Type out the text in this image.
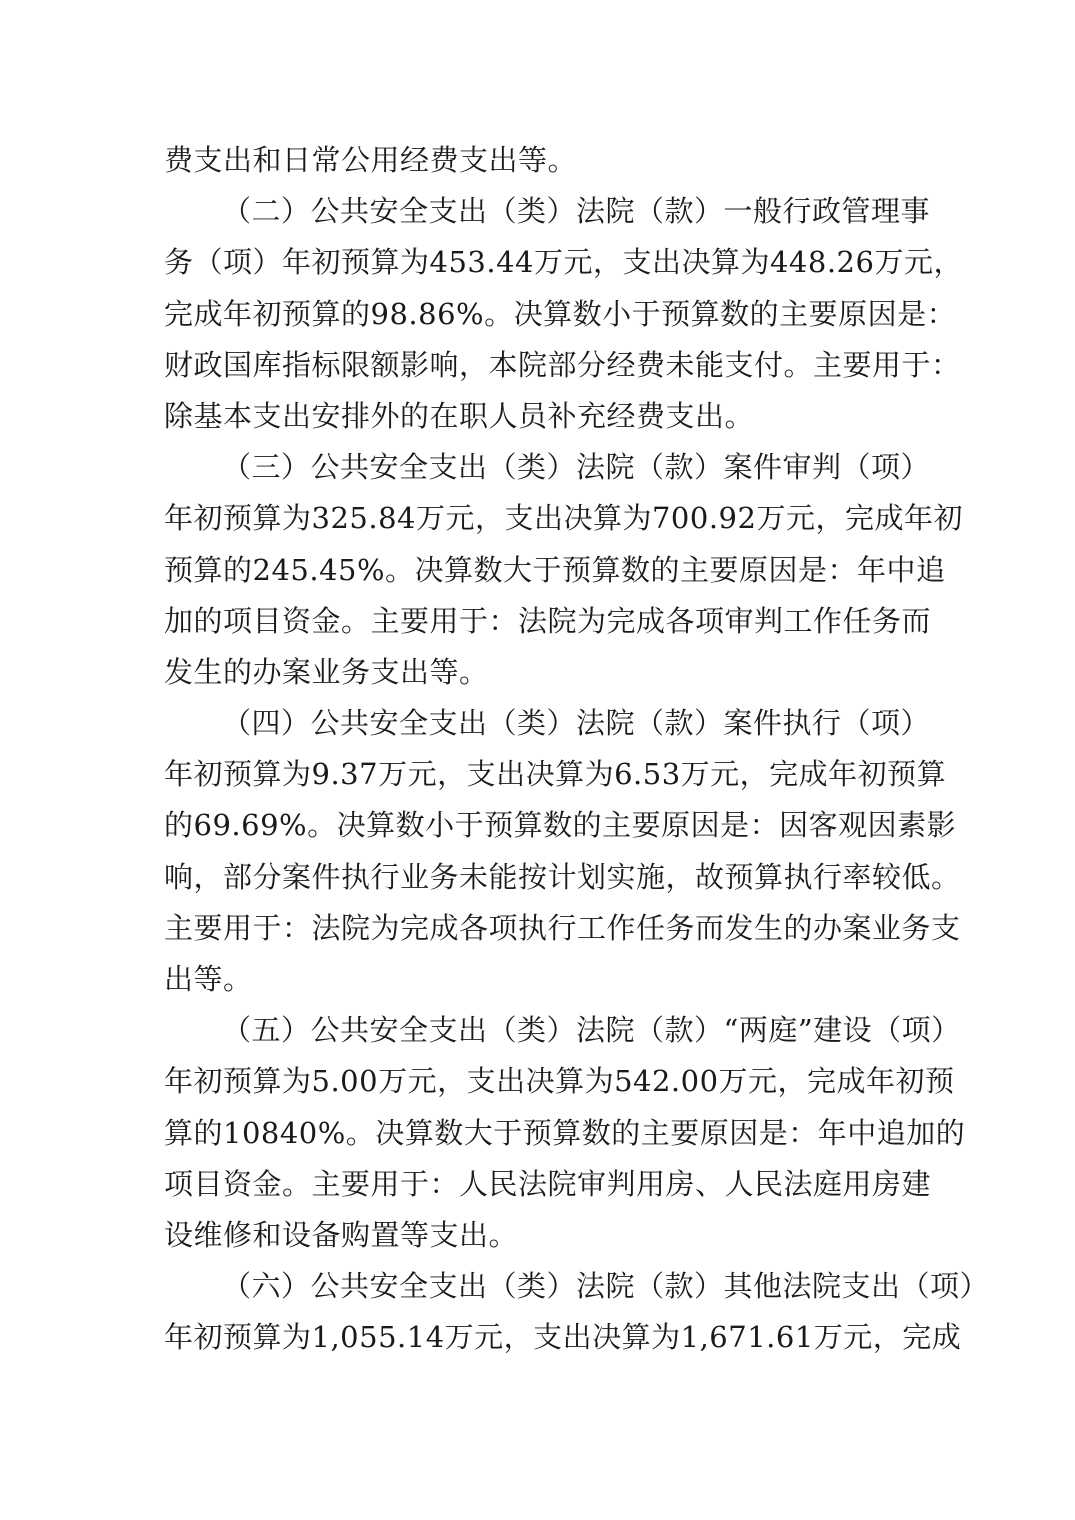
费支出和日常公用经费支出等。
（二）公共安全支出（类）法院（款）一般行政管理事
务（项）年初预算为453.44万元，支出决算为448.26万元，
完成年初预算的98.86%。决算数小于预算数的主要原因是：
财政国库指标限额影响，本院部分经费未能支付。主要用于：
除基本支出安排外的在职人员补充经费支出。
（三）公共安全支出（类）法院（款）案件审判（项）
年初预算为325.84万元，支出决算为700.92万元，完成年初
预算的245.45%。决算数大于预算数的主要原因是：年中追
加的项目资金。主要用于：法院为完成各项审判工作任务而
发生的办案业务支出等。
（四）公共安全支出（类）法院（款）案件执行（项）
年初预算为9.37万元，支出决算为6.53万元，完成年初预算
的69.69%。决算数小于预算数的主要原因是：因客观因素影
响，部分案件执行业务未能按计划实施，故预算执行率较低。
主要用于：法院为完成各项执行工作任务而发生的办案业务支
出等。
（五）公共安全支出（类）法院（款）“两庭”建设（项）
年初预算为5.00万元，支出决算为542.00万元，完成年初预
算的10840%。决算数大于预算数的主要原因是：年中追加的
项目资金。主要用于：人民法院审判用房、人民法庭用房建
设维修和设备购置等支出。
（六）公共安全支出（类）法院（款）其他法院支出（项）
年初预算为1,055.14万元，支出决算为1,671.61万元，完成
